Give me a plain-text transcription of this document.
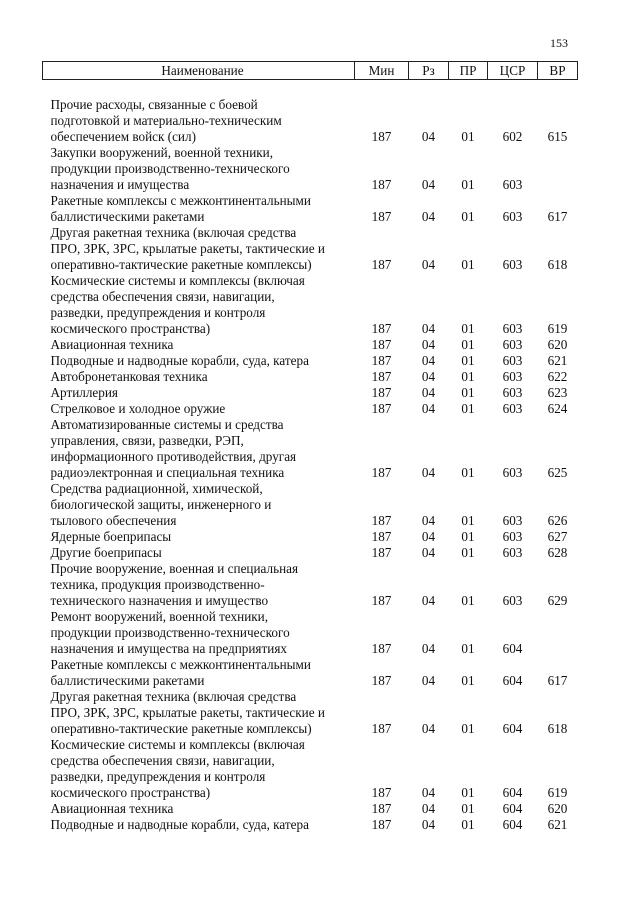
153
Наименование	Мин	Рз	ПР	ЦСР	ВР

Прочие расходы, связанные с боевой
подготовкой и материально-техническим
обеспечением войск (сил)	187	04	01	602	615

Закупки вооружений, военной техники,
продукции производственно-технического
назначения и имущества	187	04	01	603	

Ракетные комплексы с межконтинентальными
баллистическими ракетами	187	04	01	603	617

Другая ракетная техника (включая средства
ПРО, ЗРК, ЗРС, крылатые ракеты, тактические и
оперативно-тактические ракетные комплексы)	187	04	01	603	618

Космические системы и комплексы (включая
средства обеспечения связи, навигации,
разведки, предупреждения и контроля
космического пространства)	187	04	01	603	619

Авиационная техника	187	04	01	603	620

Подводные и надводные корабли, суда, катера	187	04	01	603	621

Автобронетанковая техника	187	04	01	603	622

Артиллерия	187	04	01	603	623

Стрелковое и холодное оружие	187	04	01	603	624

Автоматизированные системы и средства
управления, связи, разведки, РЭП,
информационного противодействия, другая
радиоэлектронная и специальная техника	187	04	01	603	625

Средства радиационной, химической,
биологической защиты, инженерного и
тылового обеспечения	187	04	01	603	626

Ядерные боеприпасы	187	04	01	603	627

Другие боеприпасы	187	04	01	603	628

Прочие вооружение, военная и специальная
техника, продукция производственно-
технического назначения и имущество	187	04	01	603	629

Ремонт вооружений, военной техники,
продукции производственно-технического
назначения и имущества на предприятиях	187	04	01	604	

Ракетные комплексы с межконтинентальными
баллистическими ракетами	187	04	01	604	617

Другая ракетная техника (включая средства
ПРО, ЗРК, ЗРС, крылатые ракеты, тактические и
оперативно-тактические ракетные комплексы)	187	04	01	604	618

Космические системы и комплексы (включая
средства обеспечения связи, навигации,
разведки, предупреждения и контроля
космического пространства)	187	04	01	604	619

Авиационная техника	187	04	01	604	620

Подводные и надводные корабли, суда, катера	187	04	01	604	621
